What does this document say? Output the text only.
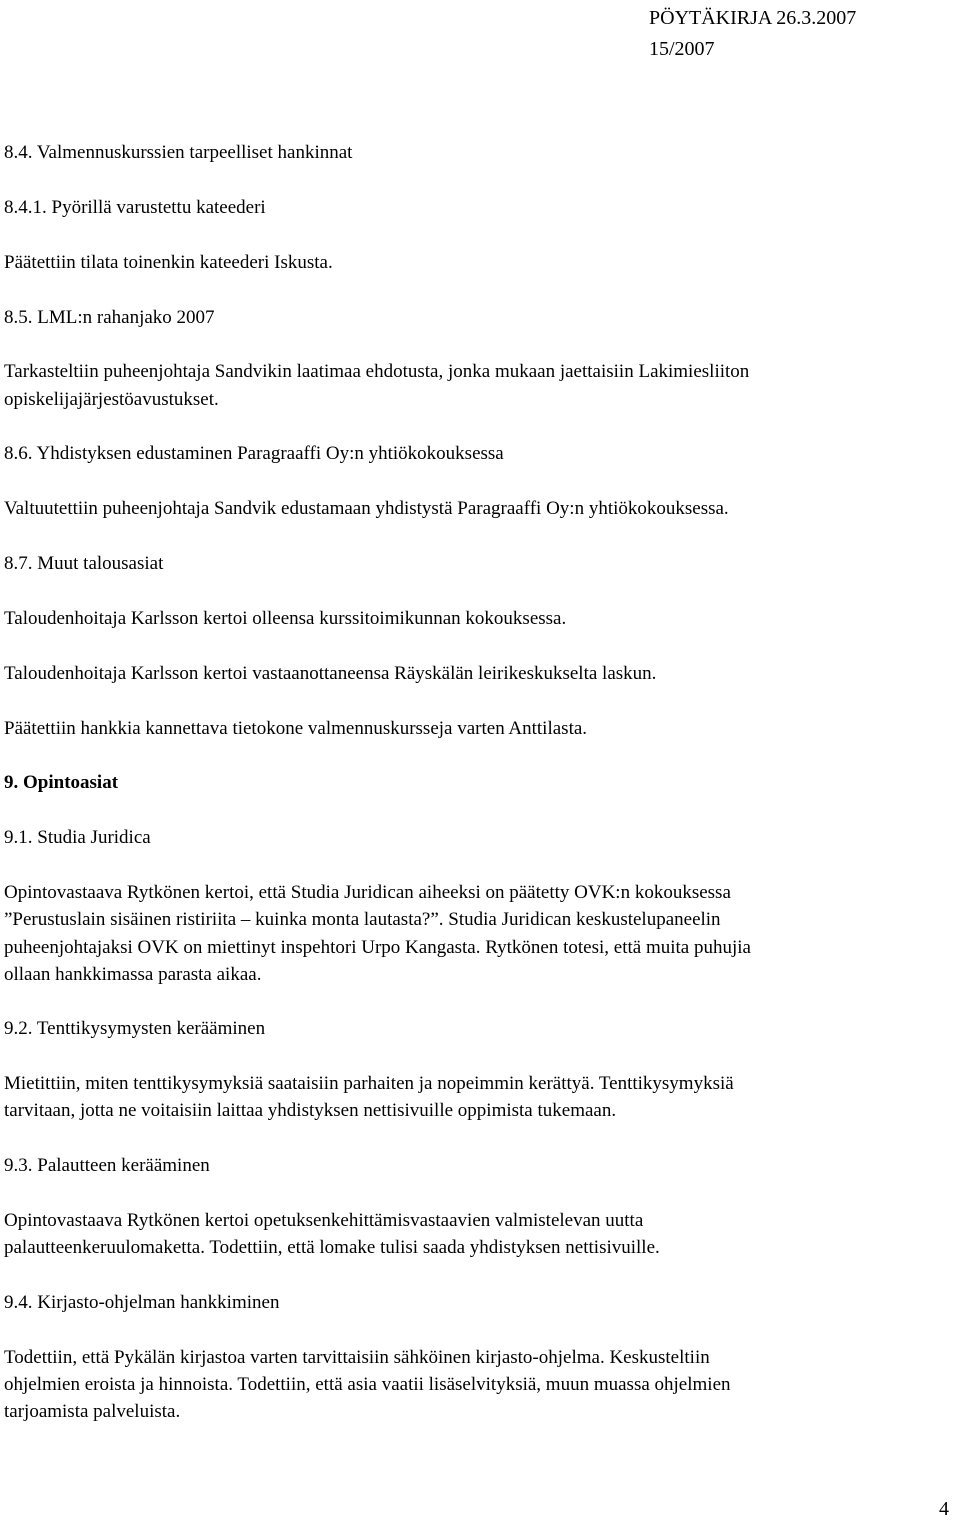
PÖYTÄKIRJA 26.3.2007
15/2007
8.4. Valmennuskurssien tarpeelliset hankinnat
8.4.1. Pyörillä varustettu kateederi
Päätettiin tilata toinenkin kateederi Iskusta.
8.5. LML:n rahanjako 2007
Tarkasteltiin puheenjohtaja Sandvikin laatimaa ehdotusta, jonka mukaan jaettaisiin Lakimiesliiton
opiskelijajärjestöavustukset.
8.6. Yhdistyksen edustaminen Paragraaffi Oy:n yhtiökokouksessa
Valtuutettiin puheenjohtaja Sandvik edustamaan yhdistystä Paragraaffi Oy:n yhtiökokouksessa.
8.7. Muut talousasiat
Taloudenhoitaja Karlsson kertoi olleensa kurssitoimikunnan kokouksessa.
Taloudenhoitaja Karlsson kertoi vastaanottaneensa Räyskälän leirikeskukselta laskun.
Päätettiin hankkia kannettava tietokone valmennuskursseja varten Anttilasta.
9. Opintoasiat
9.1. Studia Juridica
Opintovastaava Rytkönen kertoi, että Studia Juridican aiheeksi on päätetty OVK:n kokouksessa
”Perustuslain sisäinen ristiriita – kuinka monta lautasta?”. Studia Juridican keskustelupaneelin
puheenjohtajaksi OVK on miettinyt inspehtori Urpo Kangasta. Rytkönen totesi, että muita puhujia
ollaan hankkimassa parasta aikaa.
9.2. Tenttikysymysten kerääminen
Mietittiin, miten tenttikysymyksiä saataisiin parhaiten ja nopeimmin kerättyä. Tenttikysymyksiä
tarvitaan, jotta ne voitaisiin laittaa yhdistyksen nettisivuille oppimista tukemaan.
9.3. Palautteen kerääminen
Opintovastaava Rytkönen kertoi opetuksenkehittämisvastaavien valmistelevan uutta
palautteenkeruulomaketta. Todettiin, että lomake tulisi saada yhdistyksen nettisivuille.
9.4. Kirjasto-ohjelman hankkiminen
Todettiin, että Pykälän kirjastoa varten tarvittaisiin sähköinen kirjasto-ohjelma. Keskusteltiin
ohjelmien eroista ja hinnoista. Todettiin, että asia vaatii lisäselvityksiä, muun muassa ohjelmien
tarjoamista palveluista.
4
